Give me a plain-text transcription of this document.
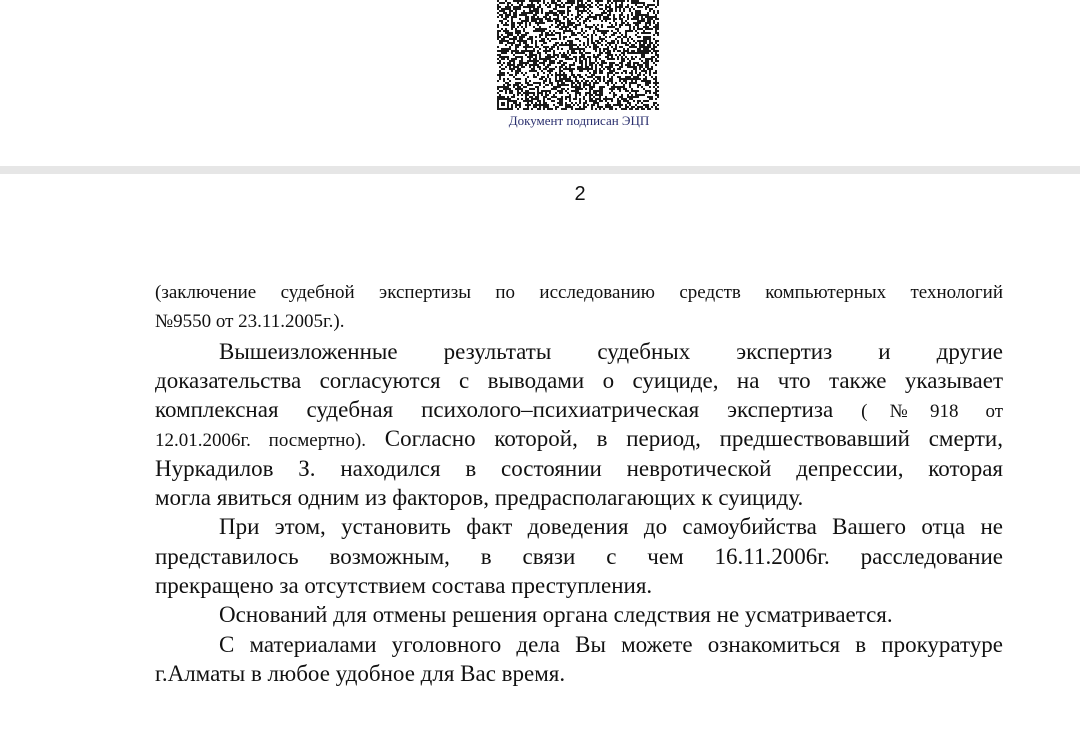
Документ подписан ЭЦП
2
(заключение судебной экспертизы по исследованию средств компьютерных технологий
№9550 от 23.11.2005г.).
Вышеизложенные результаты судебных экспертиз и другие
доказательства согласуются с выводами о суициде, на что также указывает
комплексная судебная психолого–психиатрическая экспертиза (№918 от
12.01.2006г. посмертно). Согласно которой, в период, предшествовавший смерти,
Нуркадилов З. находился в состоянии невротической депрессии, которая
могла явиться одним из факторов, предрасполагающих к суициду.
При этом, установить факт доведения до самоубийства Вашего отца не
представилось возможным, в связи с чем 16.11.2006г. расследование
прекращено за отсутствием состава преступления.
Оснований для отмены решения органа следствия не усматривается.
С материалами уголовного дела Вы можете ознакомиться в прокуратуре
г.Алматы в любое удобное для Вас время.
